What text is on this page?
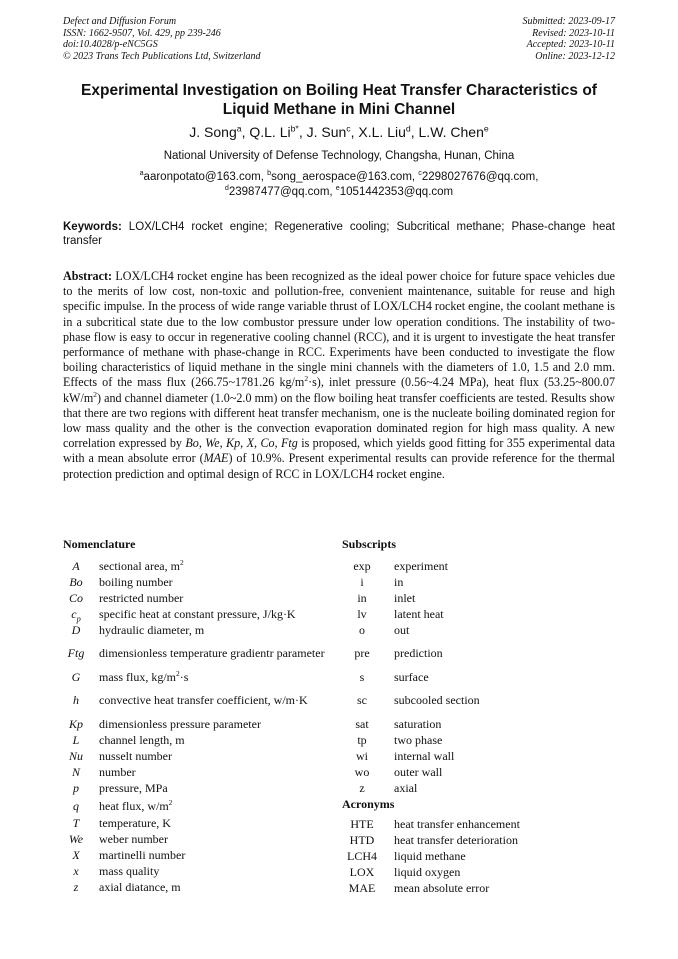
Defect and Diffusion Forum
ISSN: 1662-9507, Vol. 429, pp 239-246
doi:10.4028/p-eNC5GS
© 2023 Trans Tech Publications Ltd, Switzerland
Submitted: 2023-09-17
Revised: 2023-10-11
Accepted: 2023-10-11
Online: 2023-12-12
Experimental Investigation on Boiling Heat Transfer Characteristics of
Liquid Methane in Mini Channel
J. Song$^a$, Q.L. $Li^{b*}$, J. Sun$^c$, X.L. Liu$^d$, L.W. Chen$^e$
National University of Defense Technology, Changsha, Hunan, China
$^a$aaronpotato@163.com, $^b$song_aerospace@163.com, $^c$2298027676@qq.com,
$^d$23987477@qq.com, $^e$1051442353@qq.com
Keywords: LOX/LCH4 rocket engine; Regenerative cooling; Subcritical methane; Phase-change heat transfer
Abstract: LOX/LCH4 rocket engine has been recognized as the ideal power choice for future space vehicles due to the merits of low cost, non-toxic and pollution-free, convenient maintenance, suitable for reuse and high specific impulse. In the process of wide range variable thrust of LOX/LCH4 rocket engine, the coolant methane is in a subcritical state due to the low combustor pressure under low operation conditions. The instability of two-phase flow is easy to occur in regenerative cooling channel (RCC), and it is urgent to investigate the heat transfer performance of methane with phase-change in RCC. Experiments have been conducted to investigate the flow boiling characteristics of liquid methane in the single mini channels with the diameters of 1.0, 1.5 and 2.0 mm. Effects of the mass flux (266.75~1781.26 $kg/m^2\cdot s$), inlet pressure (0.56~4.24 MPa), heat flux (53.25~800.07 $kW/m^2$) and channel diameter (1.0~2.0 mm) on the flow boiling heat transfer coefficients are tested. Results show that there are two regions with different heat transfer mechanism, one is the nucleate boiling dominated region for low mass quality and the other is the convection evaporation dominated region for high mass quality. A new correlation expressed by Bo, We, Kp, X, Co, Ftg is proposed, which yields good fitting for 355 experimental data with a mean absolute error (MAE) of 10.9%. Present experimental results can provide reference for the thermal protection prediction and optimal design of RCC in LOX/LCH4 rocket engine.
Nomenclature
A	sectional area, $m^2$
Bo	boiling number
Co	restricted number
$c_p$	specific heat at constant pressure, J/kg·K
D	hydraulic diameter, m
Ftg	dimensionless temperature gradientr parameter
G	mass flux, $kg/m^2\cdot s$
h	convective heat transfer coefficient, w/m·K
Kp	dimensionless pressure parameter
L	channel length, m
Nu	nusselt number
N	number
p	pressure, MPa
q	heat flux, $w/m^2$
T	temperature, K
We	weber number
X	martinelli number
x	mass quality
z	axial diatance, m
Subscripts
exp	experiment
i	in
in	inlet
lv	latent heat
o	out
pre	prediction
s	surface
sc	subcooled section
sat	saturation
tp	two phase
wi	internal wall
wo	outer wall
z	axial
Acronyms
HTE	heat transfer enhancement
HTD	heat transfer deterioration
LCH4	liquid methane
LOX	liquid oxygen
MAE	mean absolute error
